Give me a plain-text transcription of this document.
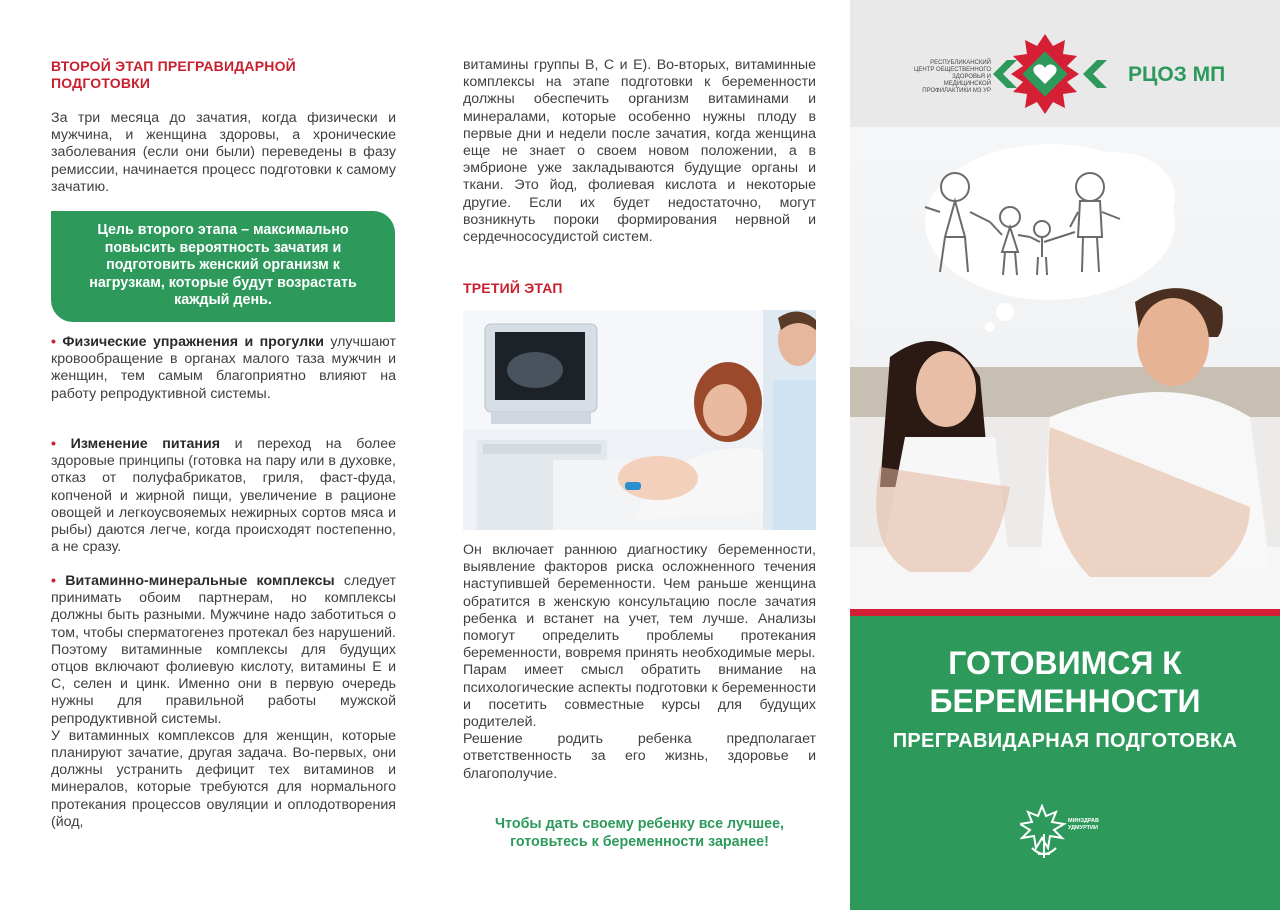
ВТОРОЙ ЭТАП ПРЕГРАВИДАРНОЙ ПОДГОТОВКИ
За три месяца до зачатия, когда физически и мужчина, и женщина здоровы, а хронические заболевания (если они были) переведены в фазу ремиссии, начинается процесс подготовки к самому зачатию.
Цель второго этапа – максимально повысить вероятность зачатия и подготовить женский организм к нагрузкам, которые будут возрастать каждый день.
• Физические упражнения и прогулки улучшают кровообращение в органах малого таза мужчин и женщин, тем самым благоприятно влияют на работу репродуктивной системы.
• Изменение питания и переход на более здоровые принципы (готовка на пару или в духовке, отказ от полуфабрикатов, гриля, фаст-фуда, копченой и жирной пищи, увеличение в рационе овощей и легкоусвояемых нежирных сортов мяса и рыбы) даются легче, когда происходят постепенно, а не сразу.
• Витаминно-минеральные комплексы следует принимать обоим партнерам, но комплексы должны быть разными. Мужчине надо заботиться о том, чтобы сперматогенез протекал без нарушений. Поэтому витаминные комплексы для будущих отцов включают фолиевую кислоту, витамины Е и С, селен и цинк. Именно они в первую очередь нужны для правильной работы мужской репродуктивной системы.

У витаминных комплексов для женщин, которые планируют зачатие, другая задача. Во-первых, они должны устранить дефицит тех витаминов и минералов, которые требуются для нормального протекания процессов овуляции и оплодотворения (йод,

витамины группы В, С и Е). Во-вторых, витаминные комплексы на этапе подготовки к беременности должны обеспечить организм витаминами и минералами, которые особенно нужны плоду в первые дни и недели после зачатия, когда женщина еще не знает о своем новом положении, а в эмбрионе уже закладываются будущие органы и ткани. Это йод, фолиевая кислота и некоторые другие. Если их будет недостаточно, могут возникнуть пороки формирования нервной и сердечнососудистой систем.
ТРЕТИЙ ЭТАП

Он включает раннюю диагностику беременности, выявление факторов риска осложненного течения наступившей беременности. Чем раньше женщина обратится в женскую консультацию после зачатия ребенка и встанет на учет, тем лучше. Анализы помогут определить проблемы протекания беременности, вовремя принять необходимые меры.

Парам имеет смысл обратить внимание на психологические аспекты подготовки к беременности и посетить совместные курсы для будущих родителей.

Решение родить ребенка предполагает ответственность за его жизнь, здоровье и благополучие.

Чтобы дать своему ребенку все лучшее, готовьтесь к беременности заранее!
РЕСПУБЛИКАНСКИЙ ЦЕНТР ОБЩЕСТВЕННОГО ЗДОРОВЬЯ И МЕДИЦИНСКОЙ ПРОФИЛАКТИКИ МЗ УР
РЦОЗ МП
ГОТОВИМСЯ К БЕРЕМЕННОСТИ
ПРЕГРАВИДАРНАЯ ПОДГОТОВКА
МИНЗДРАВ УДМУРТИИ
